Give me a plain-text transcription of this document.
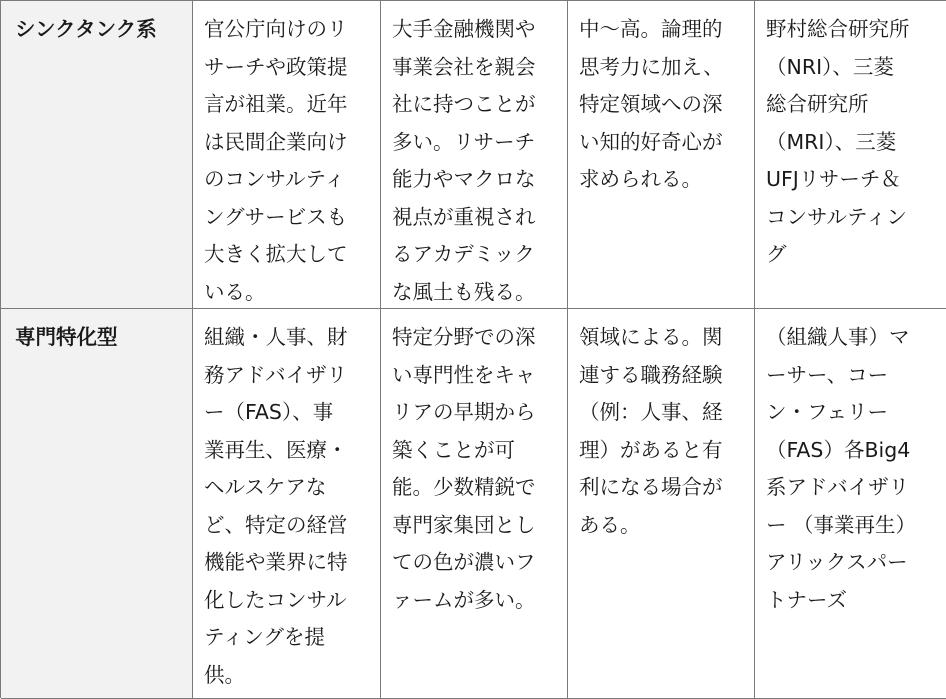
シンクタンク系	官公庁向けのリ
サーチや政策提
言が祖業。近年
は民間企業向け
のコンサルティ
ングサービスも
大きく拡大して
いる。
大手金融機関や
事業会社を親会
社に持つことが
多い。リサーチ
能力やマクロな
視点が重視され
るアカデミック
な風土も残る。
中〜高。論理的
思考力に加え、
特定領域への深
い知的好奇心が
求められる。
野村総合研究所
（NRI）、三菱
総合研究所
（MRI）、三菱
UFJリサーチ＆
コンサルティン
グ
専門特化型	組織・人事、財
務アドバイザリ
ー（FAS）、事
業再生、医療・
ヘルスケアな
ど、特定の経営
機能や業界に特
化したコンサル
ティングを提
供。
特定分野での深
い専門性をキャ
リアの早期から
築くことが可
能。少数精鋭で
専門家集団とし
ての色が濃いフ
ァームが多い。
領域による。関
連する職務経験
（例：人事、経
理）があると有
利になる場合が
ある。
（組織人事）マ
ーサー、コー
ン・フェリー
（FAS）各Big4
系アドバイザリ
ー （事業再生）
アリックスパー
トナーズ
